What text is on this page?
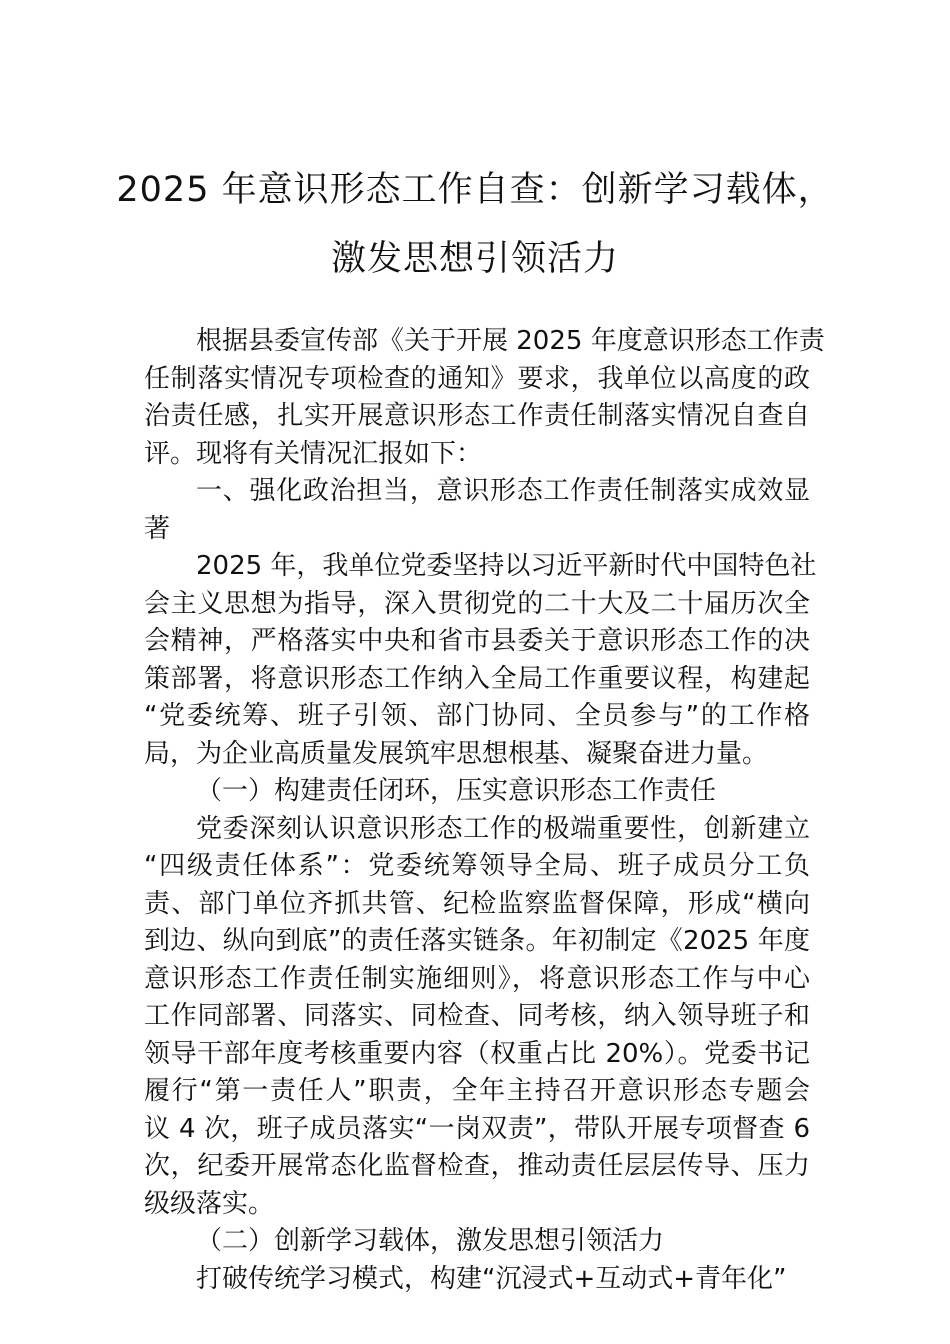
2025 年意识形态工作自查：创新学习载体，
激发思想引领活力
根据县委宣传部《关于开展 2025 年度意识形态工作责
任制落实情况专项检查的通知》要求，我单位以高度的政
治责任感，扎实开展意识形态工作责任制落实情况自查自
评。现将有关情况汇报如下：
一、强化政治担当，意识形态工作责任制落实成效显
著
2025 年，我单位党委坚持以习近平新时代中国特色社
会主义思想为指导，深入贯彻党的二十大及二十届历次全
会精神，严格落实中央和省市县委关于意识形态工作的决
策部署，将意识形态工作纳入全局工作重要议程，构建起
“党委统筹、班子引领、部门协同、全员参与”的工作格
局，为企业高质量发展筑牢思想根基、凝聚奋进力量。
（一）构建责任闭环，压实意识形态工作责任
党委深刻认识意识形态工作的极端重要性，创新建立
“四级责任体系”：党委统筹领导全局、班子成员分工负
责、部门单位齐抓共管、纪检监察监督保障，形成“横向
到边、纵向到底”的责任落实链条。年初制定《2025 年度
意识形态工作责任制实施细则》，将意识形态工作与中心
工作同部署、同落实、同检查、同考核，纳入领导班子和
领导干部年度考核重要内容（权重占比 20%）。党委书记
履行“第一责任人”职责，全年主持召开意识形态专题会
议 4 次，班子成员落实“一岗双责”，带队开展专项督查 6
次，纪委开展常态化监督检查，推动责任层层传导、压力
级级落实。
（二）创新学习载体，激发思想引领活力
打破传统学习模式，构建“沉浸式+互动式+青年化”
